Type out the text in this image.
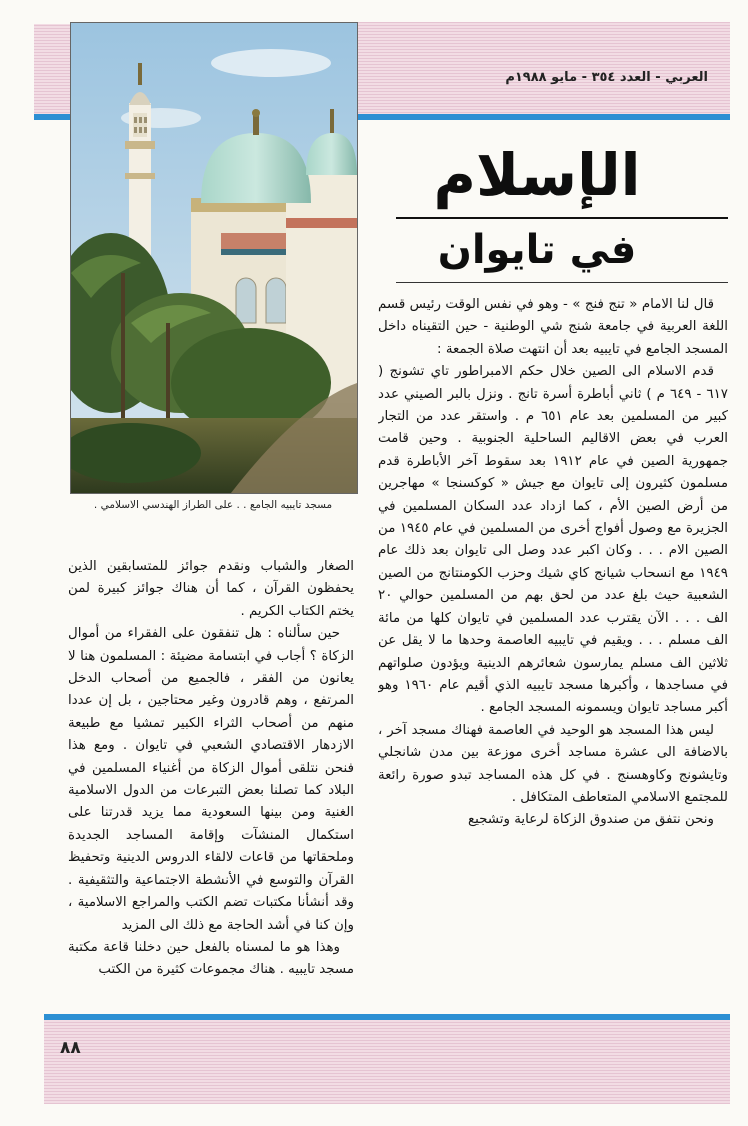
العربي - العدد ٣٥٤ - مايو ١٩٨٨م
مسجد تايبيه الجامع . . على الطراز الهندسي الاسلامي .
الإسلام
في تايوان

قال لنا الامام « تنج فنج » - وهو في نفس الوقت رئيس قسم اللغة العربية في جامعة شنج شي الوطنية - حين التقيناه داخل المسجد الجامع في تايبيه بعد أن انتهت صلاة الجمعة :

قدم الاسلام الى الصين خلال حكم الامبراطور تاي تشونج ( ٦١٧ - ٦٤٩ م ) ثاني أباطرة أسرة تانج . ونزل بالبر الصيني عدد كبير من المسلمين بعد عام ٦٥١ م . واستقر عدد من التجار العرب في بعض الاقاليم الساحلية الجنوبية . وحين قامت جمهورية الصين في عام ١٩١٢ بعد سقوط آخر الأباطرة قدم مسلمون كثيرون إلى تايوان مع جيش « كوكسنجا » مهاجرين من أرض الصين الأم ، كما ازداد عدد السكان المسلمين في الجزيرة مع وصول أفواج أخرى من المسلمين في عام ١٩٤٥ من الصين الام . . . وكان اكبر عدد وصل الى تايوان بعد ذلك عام ١٩٤٩ مع انسحاب شيانج كاي شيك وحزب الكومنتانج من الصين الشعبية حيث بلغ عدد من لحق بهم من المسلمين حوالي ٢٠ الف . . . الآن يقترب عدد المسلمين في تايوان كلها من مائة الف مسلم . . . ويقيم في تايبيه العاصمة وحدها ما لا يقل عن ثلاثين الف مسلم يمارسون شعائرهم الدينية ويؤدون صلواتهم في مساجدها ، وأكبرها مسجد تايبيه الذي أقيم عام ١٩٦٠ وهو أكبر مساجد تايوان ويسمونه المسجد الجامع .

ليس هذا المسجد هو الوحيد في العاصمة فهناك مسجد آخر ، بالاضافة الى عشرة مساجد أخرى موزعة بين مدن شانجلي وتايشونج وكاوهسنج . في كل هذه المساجد تبدو صورة رائعة للمجتمع الاسلامي المتعاطف المتكافل .

ونحن نتفق من صندوق الزكاة لرعاية وتشجيع

الصغار والشباب ونقدم جوائز للمتسابقين الذين يحفظون القرآن ، كما أن هناك جوائز كبيرة لمن يختم الكتاب الكريم .

حين سألناه : هل تنفقون على الفقراء من أموال الزكاة ؟ أجاب في ابتسامة مضيئة : المسلمون هنا لا يعانون من الفقر ، فالجميع من أصحاب الدخل المرتفع ، وهم قادرون وغير محتاجين ، بل إن عددا منهم من أصحاب الثراء الكبير تمشيا مع طبيعة الازدهار الاقتصادي الشعبي في تايوان . ومع هذا فنحن نتلقى أموال الزكاة من أغنياء المسلمين في البلاد كما تصلنا بعض التبرعات من الدول الاسلامية الغنية ومن بينها السعودية مما يزيد قدرتنا على استكمال المنشآت وإقامة المساجد الجديدة وملحقاتها من قاعات لالقاء الدروس الدينية وتحفيظ القرآن والتوسع في الأنشطة الاجتماعية والتثقيفية . وقد أنشأنا مكتبات تضم الكتب والمراجع الاسلامية ، وإن كنا في أشد الحاجة مع ذلك الى المزيد

وهذا هو ما لمسناه بالفعل حين دخلنا قاعة مكتبة مسجد تايبيه . هناك مجموعات كثيرة من الكتب

٨٨
